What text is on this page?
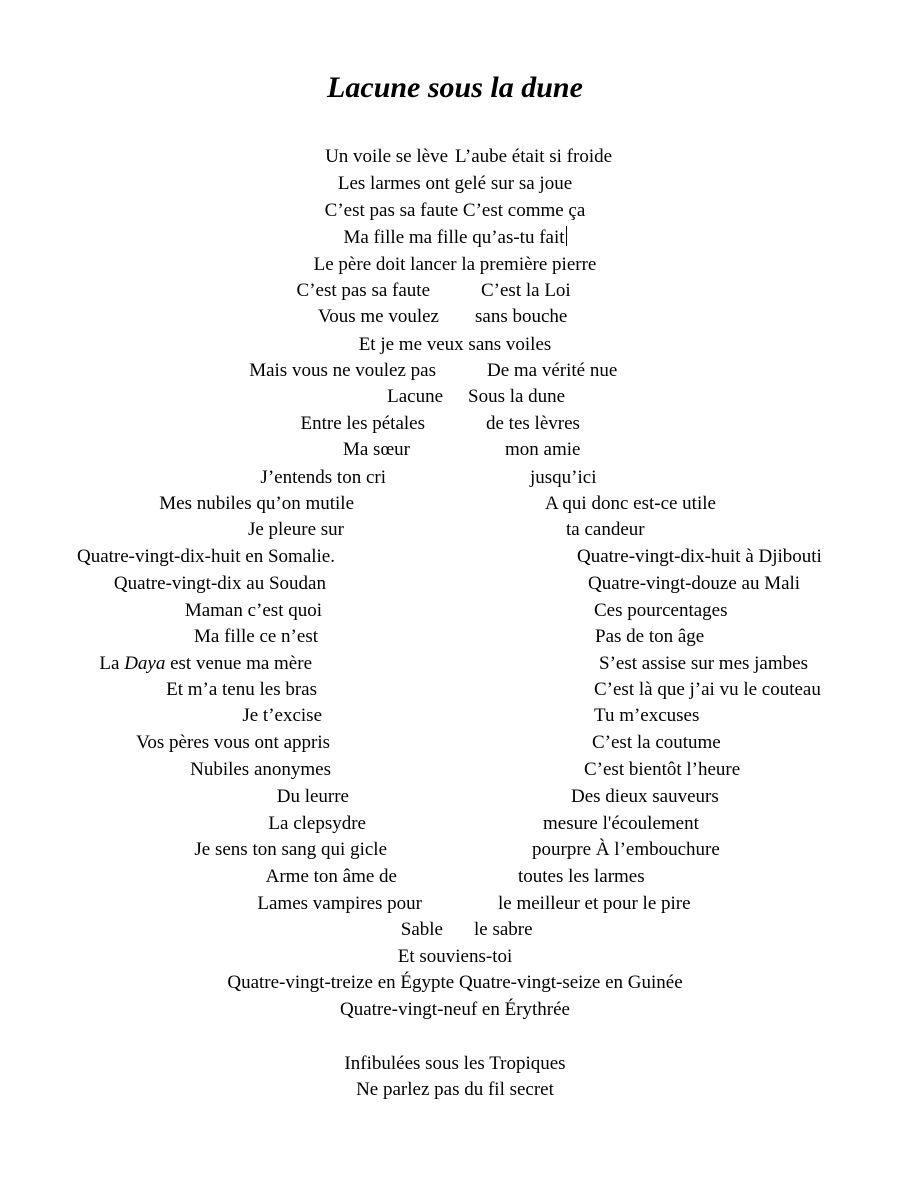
Lacune sous la dune
Un voile se lève L’aube était si froide
Les larmes ont gelé sur sa joue
C’est pas sa faute C’est comme ça
Ma fille ma fille qu’as-tu fait
Le père doit lancer la première pierre
C’est pas sa faute	C’est la Loi
Vous me voulez sans bouche
Et je me veux sans voiles
Mais vous ne voulez pas	De ma vérité nue
Lacune Sous la dune
Entre les pétales	de tes lèvres
Ma sœur	mon amie
J’entends ton cri	jusqu’ici
Mes nubiles qu’on mutile	A qui donc est-ce utile
Je pleure sur	ta candeur
Quatre-vingt-dix-huit en Somalie.	Quatre-vingt-dix-huit à Djibouti
Quatre-vingt-dix au Soudan	Quatre-vingt-douze au Mali
Maman c’est quoi	Ces pourcentages
Ma fille ce n’est	Pas de ton âge
La Daya est venue ma mère	S’est assise sur mes jambes
Et m’a tenu les bras	C’est là que j’ai vu le couteau
Je t’excise	Tu m’excuses
Vos pères vous ont appris	C’est la coutume
Nubiles anonymes	C’est bientôt l’heure
Du leurre	Des dieux sauveurs
La clepsydre	mesure l'écoulement
Je sens ton sang qui gicle	pourpre À l’embouchure
Arme ton âme de	toutes les larmes
Lames vampires pour	le meilleur et pour le pire
Sable le sabre
Et souviens-toi
Quatre-vingt-treize en Égypte Quatre-vingt-seize en Guinée
Quatre-vingt-neuf en Érythrée
Infibulées sous les Tropiques
Ne parlez pas du fil secret
